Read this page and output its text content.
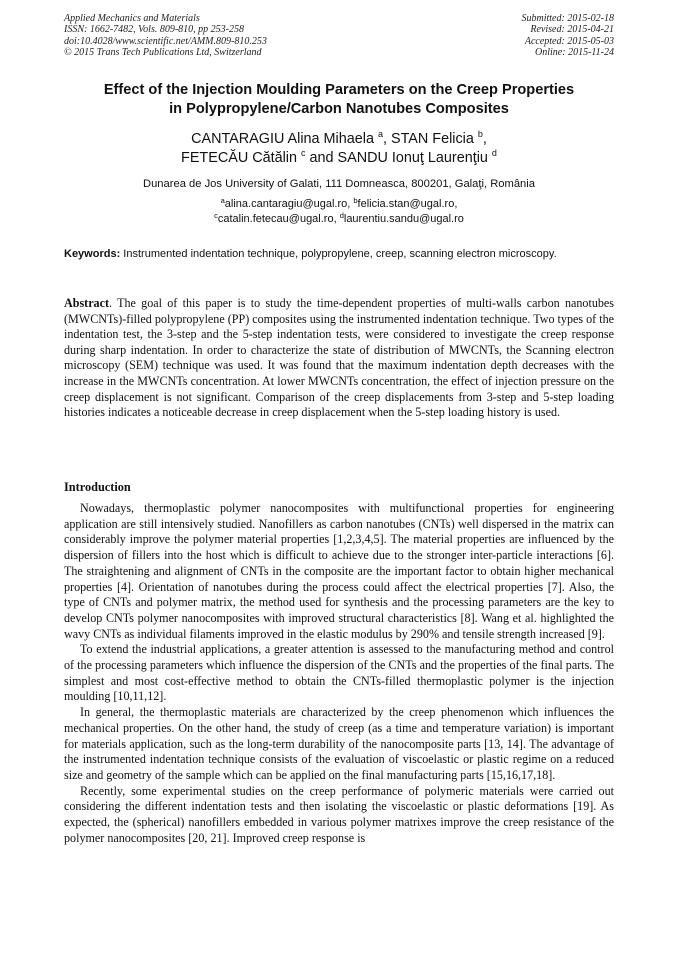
Applied Mechanics and Materials
ISSN: 1662-7482, Vols. 809-810, pp 253-258
doi:10.4028/www.scientific.net/AMM.809-810.253
© 2015 Trans Tech Publications Ltd, Switzerland
Submitted: 2015-02-18
Revised: 2015-04-21
Accepted: 2015-05-03
Online: 2015-11-24
Effect of the Injection Moulding Parameters on the Creep Properties
in Polypropylene/Carbon Nanotubes Composites
CANTARAGIU Alina Mihaela $^a$, STAN Felicia $^b$,
FETECĂU Cătălin $^c$ and SANDU Ionuţ Laurenţiu $^d$
Dunarea de Jos University of Galati, 111 Domneasca, 800201, Galaţi, România
$^a$alina.cantaragiu@ugal.ro, $^b$felicia.stan@ugal.ro,
$^c$catalin.fetecau@ugal.ro, $^d$laurentiu.sandu@ugal.ro
Keywords: Instrumented indentation technique, polypropylene, creep, scanning electron microscopy.
Abstract. The goal of this paper is to study the time-dependent properties of multi-walls carbon nanotubes (MWCNTs)-filled polypropylene (PP) composites using the instrumented indentation technique. Two types of the indentation test, the 3-step and the 5-step indentation tests, were considered to investigate the creep response during sharp indentation. In order to characterize the state of distribution of MWCNTs, the Scanning electron microscopy (SEM) technique was used. It was found that the maximum indentation depth decreases with the increase in the MWCNTs concentration. At lower MWCNTs concentration, the effect of injection pressure on the creep displacement is not significant. Comparison of the creep displacements from 3-step and 5-step loading histories indicates a noticeable decrease in creep displacement when the 5-step loading history is used.
Introduction

Nowadays, thermoplastic polymer nanocomposites with multifunctional properties for engineering application are still intensively studied. Nanofillers as carbon nanotubes (CNTs) well dispersed in the matrix can considerably improve the polymer material properties [1,2,3,4,5]. The material properties are influenced by the dispersion of fillers into the host which is difficult to achieve due to the stronger inter-particle interactions [6]. The straightening and alignment of CNTs in the composite are the important factor to obtain higher mechanical properties [4]. Orientation of nanotubes during the process could affect the electrical properties [7]. Also, the type of CNTs and polymer matrix, the method used for synthesis and the processing parameters are the key to develop CNTs polymer nanocomposites with improved structural characteristics [8]. Wang et al. highlighted the wavy CNTs as individual filaments improved in the elastic modulus by 290% and tensile strength increased [9].

To extend the industrial applications, a greater attention is assessed to the manufacturing method and control of the processing parameters which influence the dispersion of the CNTs and the properties of the final parts. The simplest and most cost-effective method to obtain the CNTs-filled thermoplastic polymer is the injection moulding [10,11,12].

In general, the thermoplastic materials are characterized by the creep phenomenon which influences the mechanical properties. On the other hand, the study of creep (as a time and temperature variation) is important for materials application, such as the long-term durability of the nanocomposite parts [13, 14]. The advantage of the instrumented indentation technique consists of the evaluation of viscoelastic or plastic regime on a reduced size and geometry of the sample which can be applied on the final manufacturing parts [15,16,17,18].

Recently, some experimental studies on the creep performance of polymeric materials were carried out considering the different indentation tests and then isolating the viscoelastic or plastic deformations [19]. As expected, the (spherical) nanofillers embedded in various polymer matrixes improve the creep resistance of the polymer nanocomposites [20, 21]. Improved creep response is
